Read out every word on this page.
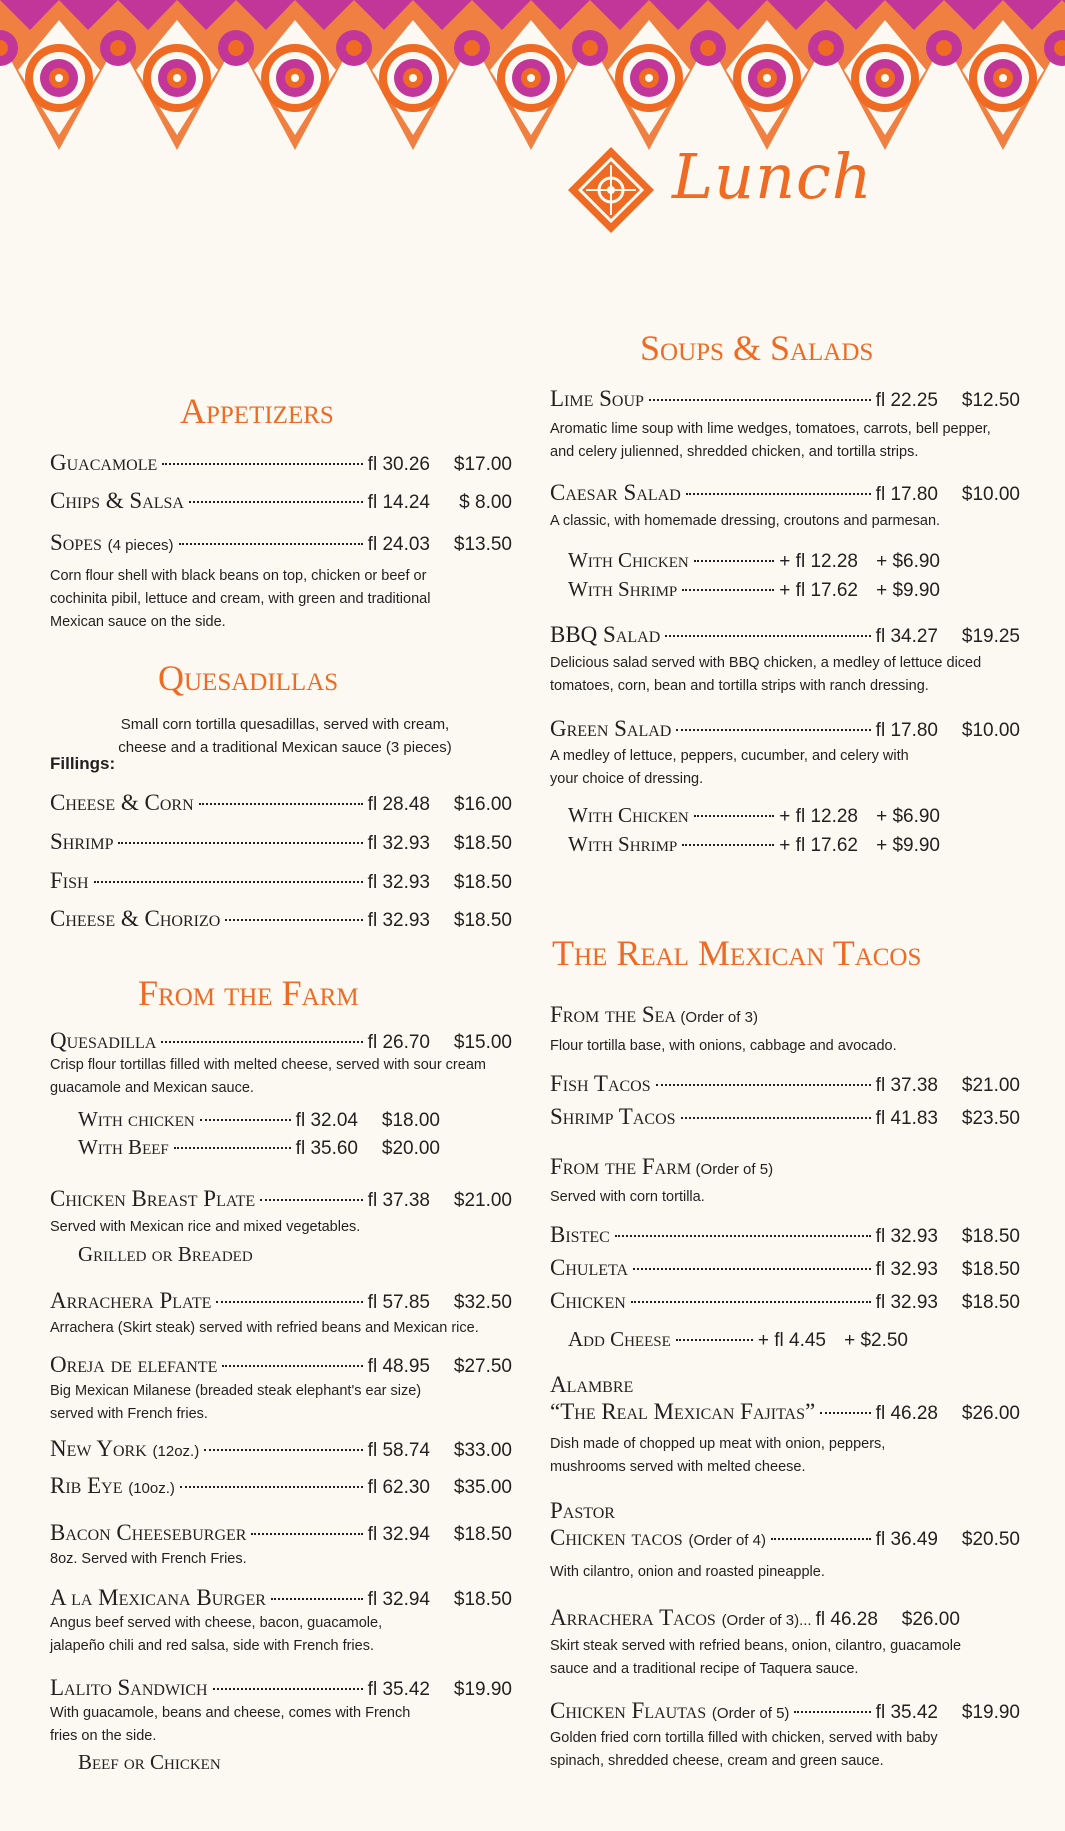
Lunch
Appetizers
Guacamole	fl 30.26	$17.00
Chips & Salsa	fl 14.24	$ 8.00
Sopes (4 pieces)	fl 24.03	$13.50
Corn flour shell with black beans on top, chicken or beef or cochinita pibil, lettuce and cream, with green and traditional Mexican sauce on the side.
Quesadillas
Small corn tortilla quesadillas, served with cream, cheese and a traditional Mexican sauce (3 pieces)
Fillings:
Cheese & Corn	fl 28.48	$16.00
Shrimp	fl 32.93	$18.50
Fish	fl 32.93	$18.50
Cheese & Chorizo	fl 32.93	$18.50
From the Farm
Quesadilla	fl 26.70	$15.00
Crisp flour tortillas filled with melted cheese, served with sour cream guacamole and Mexican sauce.
With chicken	fl 32.04	$18.00
With Beef	fl 35.60	$20.00
Chicken Breast Plate	fl 37.38	$21.00
Served with Mexican rice and mixed vegetables.
Grilled or Breaded
Arrachera Plate	fl 57.85	$32.50
Arrachera (Skirt steak) served with refried beans and Mexican rice.
Oreja de elefante	fl 48.95	$27.50
Big Mexican Milanese (breaded steak elephant's ear size) served with French fries.
New York (12oz.)	fl 58.74	$33.00
Rib Eye (10oz.)	fl 62.30	$35.00
Bacon Cheeseburger	fl 32.94	$18.50
8oz. Served with French Fries.
A la Mexicana Burger	fl 32.94	$18.50
Angus beef served with cheese, bacon, guacamole, jalapeño chili and red salsa, side with French fries.
Lalito Sandwich	fl 35.42	$19.90
With guacamole, beans and cheese, comes with French fries on the side.
Beef or Chicken
Soups & Salads
Lime Soup	fl 22.25	$12.50
Aromatic lime soup with lime wedges, tomatoes, carrots, bell pepper, and celery julienned, shredded chicken, and tortilla strips.
Caesar Salad	fl 17.80	$10.00
A classic, with homemade dressing, croutons and parmesan.
With Chicken	+ fl 12.28 + $6.90
With Shrimp	+ fl 17.62 + $9.90
BBQ Salad	fl 34.27	$19.25
Delicious salad served with BBQ chicken, a medley of lettuce diced tomatoes, corn, bean and tortilla strips with ranch dressing.
Green Salad	fl 17.80	$10.00
A medley of lettuce, peppers, cucumber, and celery with your choice of dressing.
With Chicken	+ fl 12.28 + $6.90
With Shrimp	+ fl 17.62 + $9.90
The Real Mexican Tacos
From the Sea (Order of 3)
Flour tortilla base, with onions, cabbage and avocado.
Fish Tacos	fl 37.38	$21.00
Shrimp Tacos	fl 41.83	$23.50
From the Farm (Order of 5)
Served with corn tortilla.
Bistec	fl 32.93	$18.50
Chuleta	fl 32.93	$18.50
Chicken	fl 32.93	$18.50
Add Cheese	+ fl 4.45 + $2.50
Alambre
“The Real Mexican Fajitas”	fl 46.28	$26.00
Dish made of chopped up meat with onion, peppers, mushrooms served with melted cheese.
Pastor
Chicken tacos (Order of 4)	fl 36.49	$20.50
With cilantro, onion and roasted pineapple.
Arrachera Tacos (Order of 3)... fl 46.28	$26.00
Skirt steak served with refried beans, onion, cilantro, guacamole sauce and a traditional recipe of Taquera sauce.
Chicken Flautas (Order of 5)	fl 35.42	$19.90
Golden fried corn tortilla filled with chicken, served with baby spinach, shredded cheese, cream and green sauce.
